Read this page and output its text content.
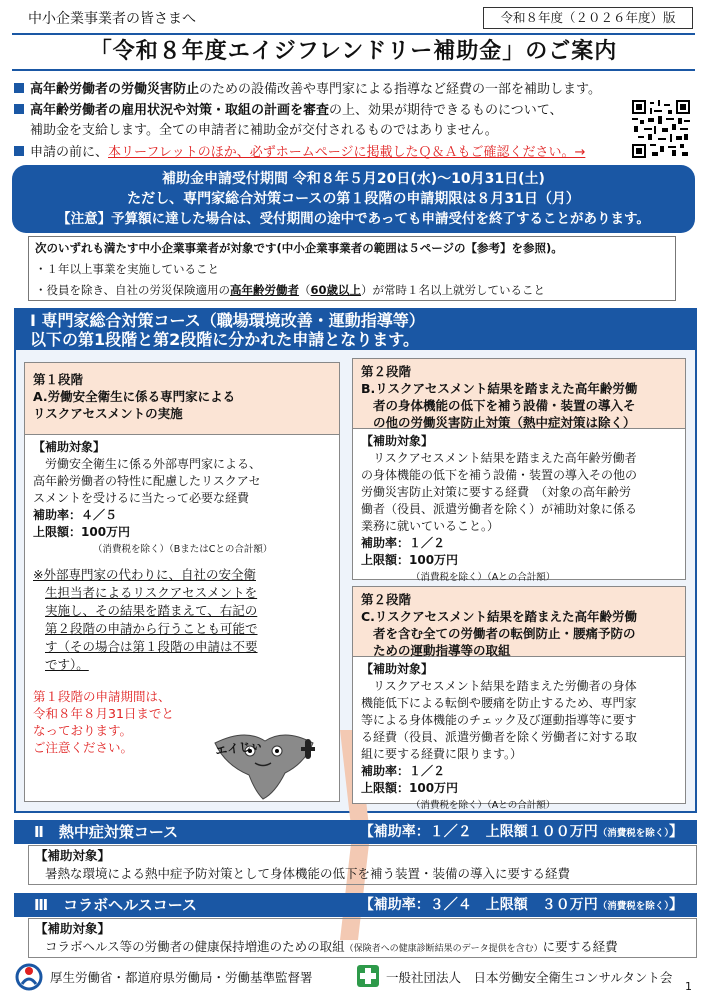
中小企業事業者の皆さまへ	令和８年度（２０２６年度）版
「令和８年度エイジフレンドリー補助金」のご案内
高年齢労働者の労働災害防止のための設備改善や専門家による指導など経費の一部を補助します。
高年齢労働者の雇用状況や対策・取組の計画を審査の上、効果が期待できるものについて、
補助金を支給します。全ての申請者に補助金が交付されるものではありません。
申請の前に、本リーフレットのほか、必ずホームページに掲載したＱ＆Ａもご確認ください。→
補助金申請受付期間 令和８年５月20日(水)～10月31日(土)
ただし、専門家総合対策コースの第１段階の申請期限は８月31日（月）
【注意】予算額に達した場合は、受付期間の途中であっても申請受付を終了することがあります。
次のいずれも満たす中小企業事業者が対象です(中小企業事業者の範囲は５ページの【参考】を参照)。
・１年以上事業を実施していること
・役員を除き、自社の労災保険適用の高年齢労働者（60歳以上）が常時１名以上就労していること
Ⅰ 専門家総合対策コース（職場環境改善・運動指導等）
以下の第1段階と第2段階に分かれた申請となります。
第１段階
A.労働安全衛生に係る専門家による
リスクアセスメントの実施
【補助対象】
労働安全衛生に係る外部専門家による、
高年齢労働者の特性に配慮したリスクアセ
スメントを受けるに当たって必要な経費
補助率：４／５
上限額：100万円
（消費税を除く）（BまたはCとの合計額）
※外部専門家の代わりに、自社の安全衛
生担当者によるリスクアセスメントを
実施し、その結果を踏まえて、右記の
第２段階の申請から行うことも可能で
す（その場合は第１段階の申請は不要
です）。
第１段階の申請期間は、
令和８年８月31日までと
なっております。
ご注意ください。	エイじぃ
第２段階
B.リスクアセスメント結果を踏まえた高年齢労働
者の身体機能の低下を補う設備・装置の導入そ
の他の労働災害防止対策（熱中症対策は除く）
【補助対象】
リスクアセスメント結果を踏まえた高年齢労働者
の身体機能の低下を補う設備・装置の導入その他の
労働災害防止対策に要する経費　（対象の高年齢労
働者（役員、派遣労働者を除く）が補助対象に係る
業務に就いていること。）
補助率：１／２
上限額：100万円
（消費税を除く）（Aとの合計額）
第２段階
C.リスクアセスメント結果を踏まえた高年齢労働
者を含む全ての労働者の転倒防止・腰痛予防の
ための運動指導等の取組
【補助対象】
リスクアセスメント結果を踏まえた労働者の身体
機能低下による転倒や腰痛を防止するため、専門家
等による身体機能のチェック及び運動指導等に要す
る経費（役員、派遣労働者を除く労働者に対する取
組に要する経費に限ります。）
補助率：１／２
上限額：100万円
（消費税を除く）（Aとの合計額）
Ⅱ　熱中症対策コース	【補助率：１／２　上限額１００万円（消費税を除く）】
【補助対象】
暑熱な環境による熱中症予防対策として身体機能の低下を補う装置・装備の導入に要する経費
Ⅲ　コラボヘルスコース	【補助率：３／４　上限額　３０万円（消費税を除く）】
【補助対象】
コラボヘルス等の労働者の健康保持増進のための取組（保険者への健康診断結果のデータ提供を含む）に要する経費
厚生労働省・都道府県労働局・労働基準監督署	一般社団法人　日本労働安全衛生コンサルタント会
1
